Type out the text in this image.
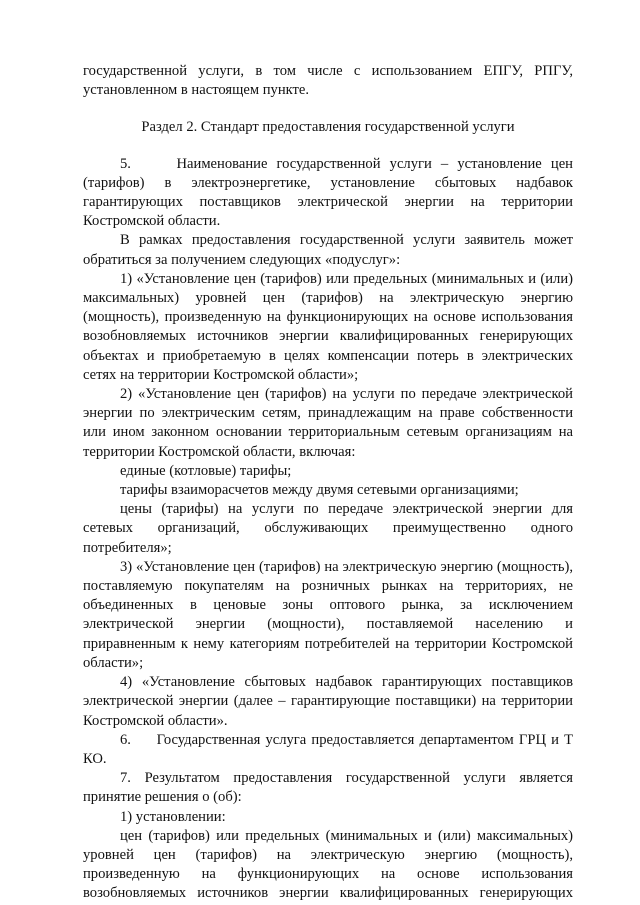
государственной услуги, в том числе с использованием ЕПГУ, РПГУ, установленном в настоящем пункте.

Раздел 2. Стандарт предоставления государственной услуги

5.     Наименование государственной услуги – установление цен (тарифов) в электроэнергетике, установление сбытовых надбавок гарантирующих поставщиков электрической энергии на территории Костромской области.

В рамках предоставления государственной услуги заявитель может обратиться за получением следующих «подуслуг»:

1) «Установление цен (тарифов) или предельных (минимальных и (или) максимальных) уровней цен (тарифов) на электрическую энергию (мощность), произведенную на функционирующих на основе использования возобновляемых источников энергии квалифицированных генерирующих объектах и приобретаемую в целях компенсации потерь в электрических сетях на территории Костромской области»;

2) «Установление цен (тарифов) на услуги по передаче электрической энергии по электрическим сетям, принадлежащим на праве собственности или ином законном основании территориальным сетевым организациям на территории Костромской области, включая:

единые (котловые) тарифы;

тарифы взаиморасчетов между двумя сетевыми организациями;

цены (тарифы) на услуги по передаче электрической энергии для сетевых организаций, обслуживающих преимущественно одного потребителя»;

3) «Установление цен (тарифов) на электрическую энергию (мощность), поставляемую покупателям на розничных рынках на территориях, не объединенных в ценовые зоны оптового рынка, за исключением электрической энергии (мощности), поставляемой населению и приравненным к нему категориям потребителей на территории Костромской области»;

4) «Установление сбытовых надбавок гарантирующих поставщиков электрической энергии (далее – гарантирующие поставщики) на территории Костромской области».

6.     Государственная услуга предоставляется департаментом ГРЦ и Т КО.

7. Результатом предоставления государственной услуги является принятие решения о (об):

1) установлении:

цен (тарифов) или предельных (минимальных и (или) максимальных) уровней цен (тарифов) на электрическую энергию (мощность), произведенную на функционирующих на основе использования возобновляемых источников энергии квалифицированных генерирующих
